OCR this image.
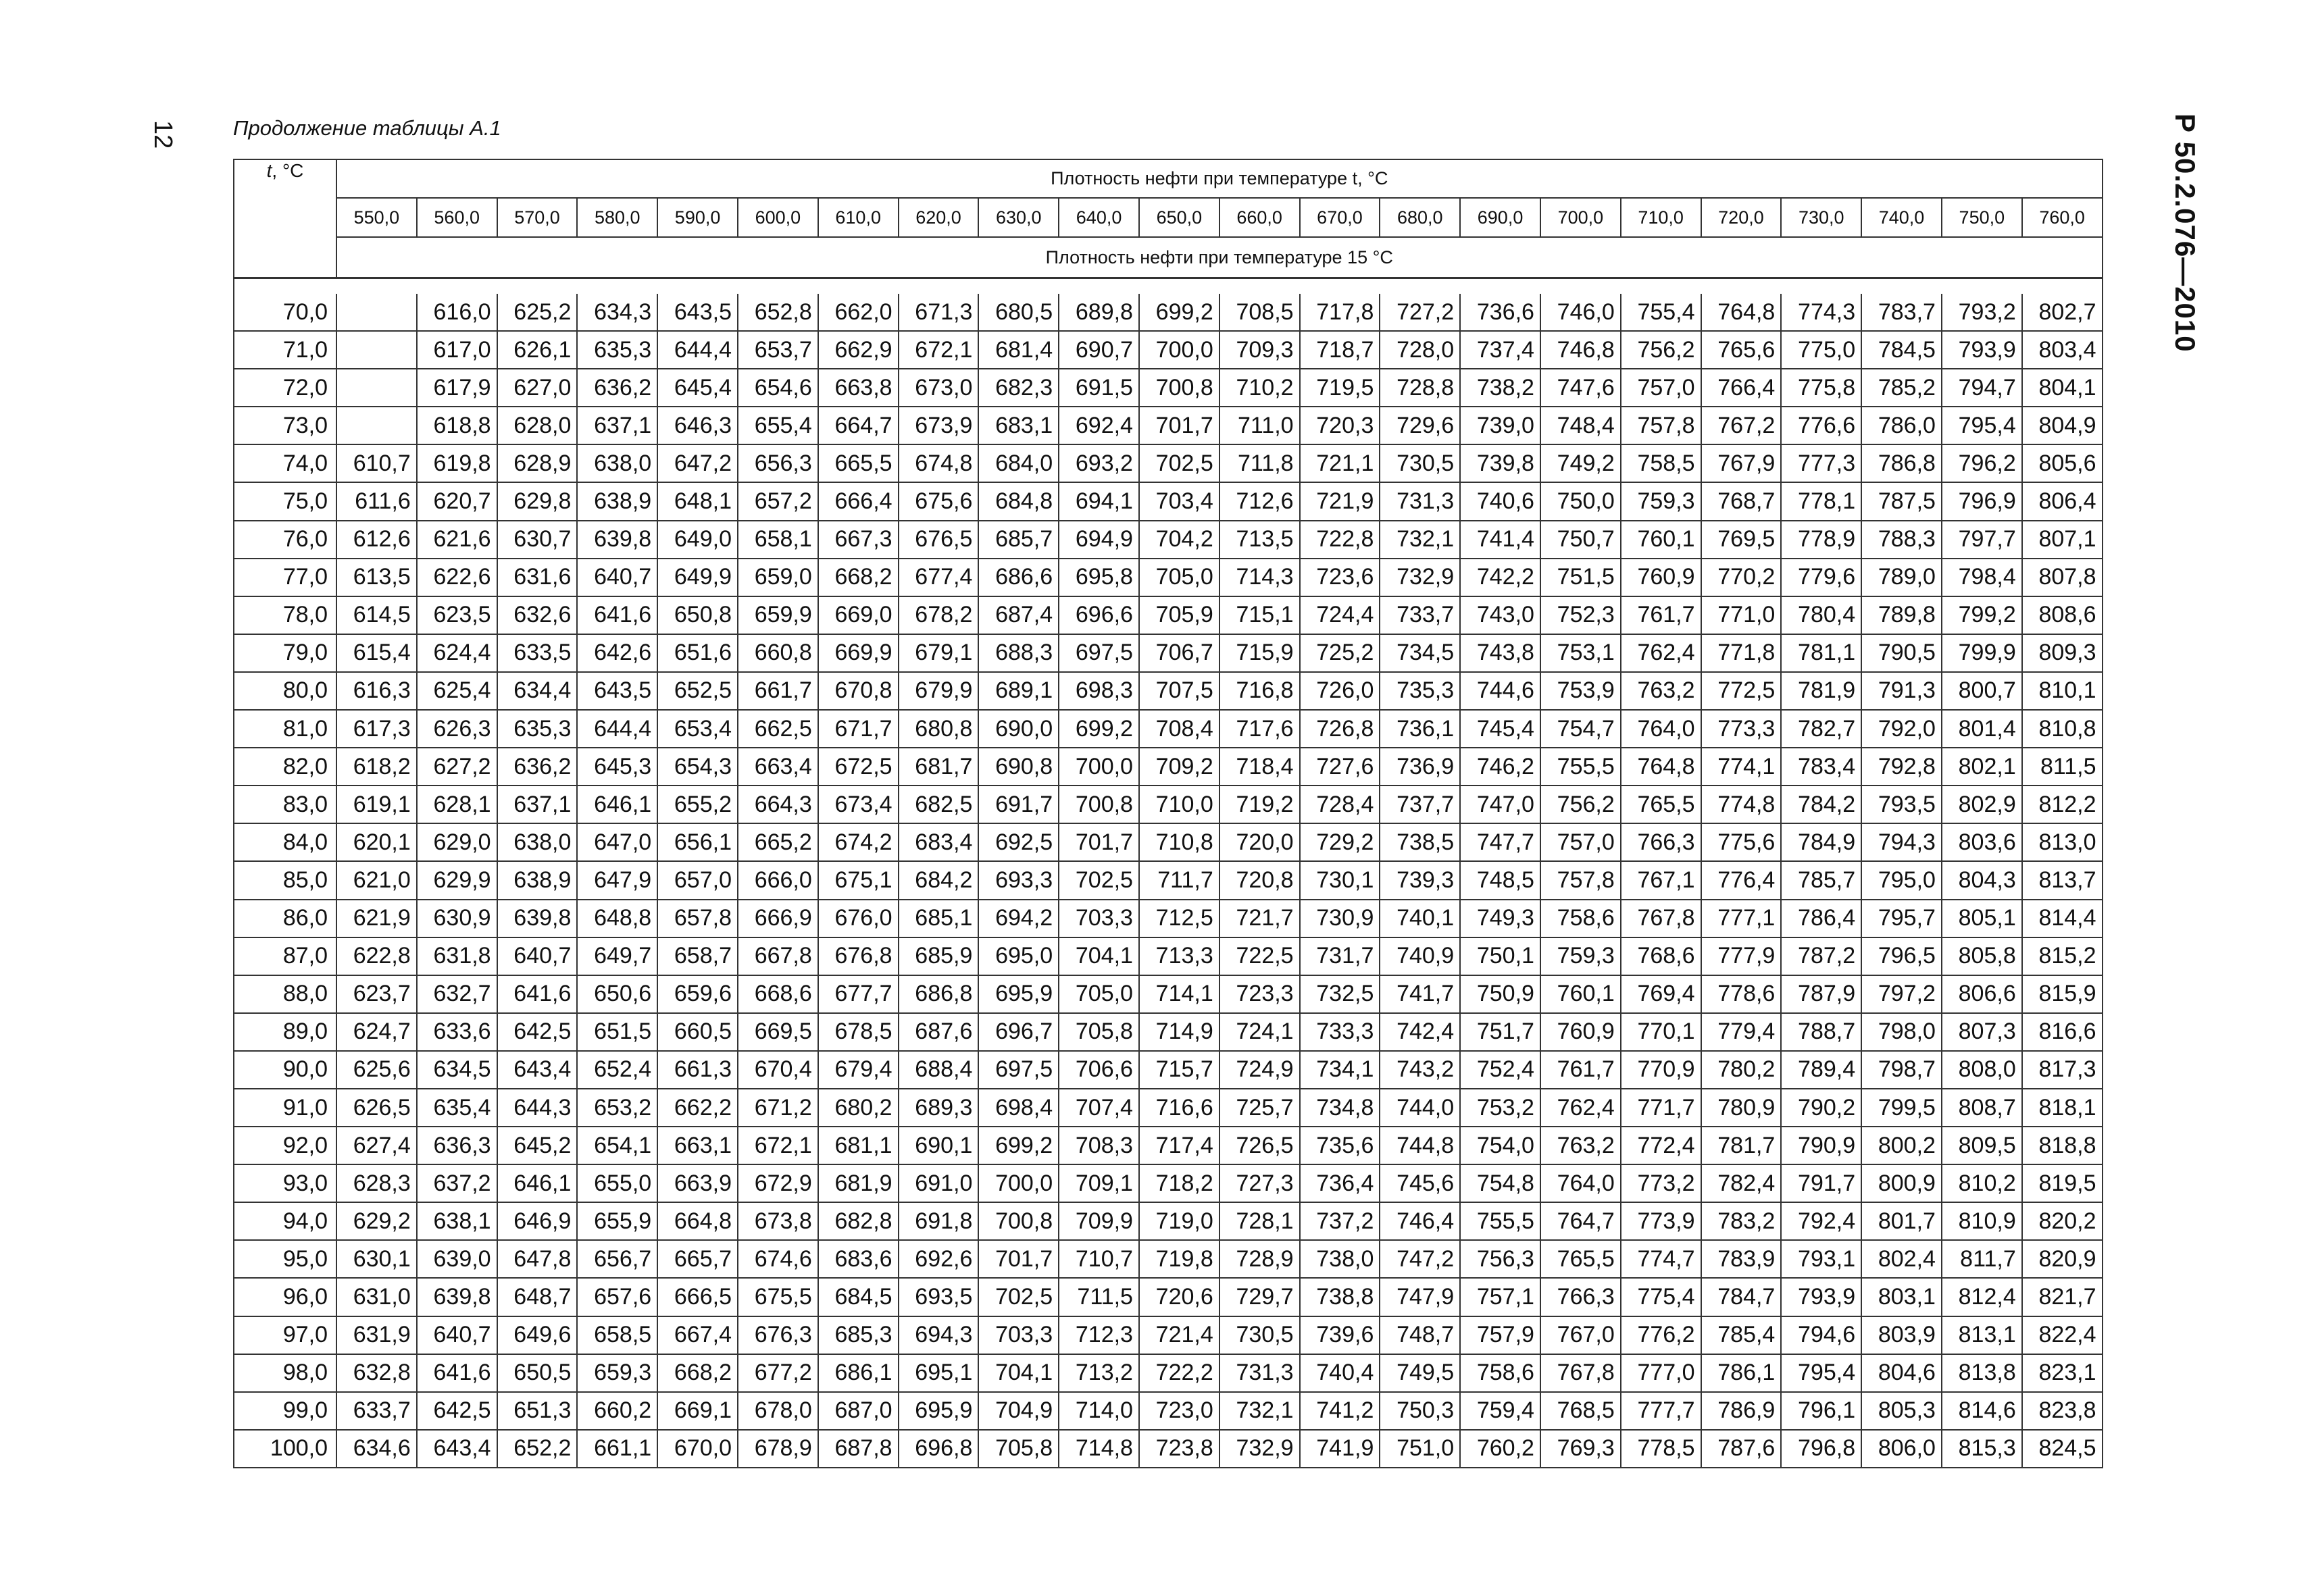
12	Продолжение таблицы А.1	Р 50.2.076—2010
t, °C	Плотность нефти при температуре t, °C																					
	550,0	560,0	570,0	580,0	590,0	600,0	610,0	620,0	630,0	640,0	650,0	660,0	670,0	680,0	690,0	700,0	710,0	720,0	730,0	740,0	750,0	760,0
	Плотность нефти при температуре 15 °C																					

70,0		616,0	625,2	634,3	643,5	652,8	662,0	671,3	680,5	689,8	699,2	708,5	717,8	727,2	736,6	746,0	755,4	764,8	774,3	783,7	793,2	802,7
71,0		617,0	626,1	635,3	644,4	653,7	662,9	672,1	681,4	690,7	700,0	709,3	718,7	728,0	737,4	746,8	756,2	765,6	775,0	784,5	793,9	803,4
72,0		617,9	627,0	636,2	645,4	654,6	663,8	673,0	682,3	691,5	700,8	710,2	719,5	728,8	738,2	747,6	757,0	766,4	775,8	785,2	794,7	804,1
73,0		618,8	628,0	637,1	646,3	655,4	664,7	673,9	683,1	692,4	701,7	711,0	720,3	729,6	739,0	748,4	757,8	767,2	776,6	786,0	795,4	804,9
74,0	610,7	619,8	628,9	638,0	647,2	656,3	665,5	674,8	684,0	693,2	702,5	711,8	721,1	730,5	739,8	749,2	758,5	767,9	777,3	786,8	796,2	805,6
75,0	611,6	620,7	629,8	638,9	648,1	657,2	666,4	675,6	684,8	694,1	703,4	712,6	721,9	731,3	740,6	750,0	759,3	768,7	778,1	787,5	796,9	806,4
76,0	612,6	621,6	630,7	639,8	649,0	658,1	667,3	676,5	685,7	694,9	704,2	713,5	722,8	732,1	741,4	750,7	760,1	769,5	778,9	788,3	797,7	807,1
77,0	613,5	622,6	631,6	640,7	649,9	659,0	668,2	677,4	686,6	695,8	705,0	714,3	723,6	732,9	742,2	751,5	760,9	770,2	779,6	789,0	798,4	807,8
78,0	614,5	623,5	632,6	641,6	650,8	659,9	669,0	678,2	687,4	696,6	705,9	715,1	724,4	733,7	743,0	752,3	761,7	771,0	780,4	789,8	799,2	808,6
79,0	615,4	624,4	633,5	642,6	651,6	660,8	669,9	679,1	688,3	697,5	706,7	715,9	725,2	734,5	743,8	753,1	762,4	771,8	781,1	790,5	799,9	809,3
80,0	616,3	625,4	634,4	643,5	652,5	661,7	670,8	679,9	689,1	698,3	707,5	716,8	726,0	735,3	744,6	753,9	763,2	772,5	781,9	791,3	800,7	810,1
81,0	617,3	626,3	635,3	644,4	653,4	662,5	671,7	680,8	690,0	699,2	708,4	717,6	726,8	736,1	745,4	754,7	764,0	773,3	782,7	792,0	801,4	810,8
82,0	618,2	627,2	636,2	645,3	654,3	663,4	672,5	681,7	690,8	700,0	709,2	718,4	727,6	736,9	746,2	755,5	764,8	774,1	783,4	792,8	802,1	811,5
83,0	619,1	628,1	637,1	646,1	655,2	664,3	673,4	682,5	691,7	700,8	710,0	719,2	728,4	737,7	747,0	756,2	765,5	774,8	784,2	793,5	802,9	812,2
84,0	620,1	629,0	638,0	647,0	656,1	665,2	674,2	683,4	692,5	701,7	710,8	720,0	729,2	738,5	747,7	757,0	766,3	775,6	784,9	794,3	803,6	813,0
85,0	621,0	629,9	638,9	647,9	657,0	666,0	675,1	684,2	693,3	702,5	711,7	720,8	730,1	739,3	748,5	757,8	767,1	776,4	785,7	795,0	804,3	813,7
86,0	621,9	630,9	639,8	648,8	657,8	666,9	676,0	685,1	694,2	703,3	712,5	721,7	730,9	740,1	749,3	758,6	767,8	777,1	786,4	795,7	805,1	814,4
87,0	622,8	631,8	640,7	649,7	658,7	667,8	676,8	685,9	695,0	704,1	713,3	722,5	731,7	740,9	750,1	759,3	768,6	777,9	787,2	796,5	805,8	815,2
88,0	623,7	632,7	641,6	650,6	659,6	668,6	677,7	686,8	695,9	705,0	714,1	723,3	732,5	741,7	750,9	760,1	769,4	778,6	787,9	797,2	806,6	815,9
89,0	624,7	633,6	642,5	651,5	660,5	669,5	678,5	687,6	696,7	705,8	714,9	724,1	733,3	742,4	751,7	760,9	770,1	779,4	788,7	798,0	807,3	816,6
90,0	625,6	634,5	643,4	652,4	661,3	670,4	679,4	688,4	697,5	706,6	715,7	724,9	734,1	743,2	752,4	761,7	770,9	780,2	789,4	798,7	808,0	817,3
91,0	626,5	635,4	644,3	653,2	662,2	671,2	680,2	689,3	698,4	707,4	716,6	725,7	734,8	744,0	753,2	762,4	771,7	780,9	790,2	799,5	808,7	818,1
92,0	627,4	636,3	645,2	654,1	663,1	672,1	681,1	690,1	699,2	708,3	717,4	726,5	735,6	744,8	754,0	763,2	772,4	781,7	790,9	800,2	809,5	818,8
93,0	628,3	637,2	646,1	655,0	663,9	672,9	681,9	691,0	700,0	709,1	718,2	727,3	736,4	745,6	754,8	764,0	773,2	782,4	791,7	800,9	810,2	819,5
94,0	629,2	638,1	646,9	655,9	664,8	673,8	682,8	691,8	700,8	709,9	719,0	728,1	737,2	746,4	755,5	764,7	773,9	783,2	792,4	801,7	810,9	820,2
95,0	630,1	639,0	647,8	656,7	665,7	674,6	683,6	692,6	701,7	710,7	719,8	728,9	738,0	747,2	756,3	765,5	774,7	783,9	793,1	802,4	811,7	820,9
96,0	631,0	639,8	648,7	657,6	666,5	675,5	684,5	693,5	702,5	711,5	720,6	729,7	738,8	747,9	757,1	766,3	775,4	784,7	793,9	803,1	812,4	821,7
97,0	631,9	640,7	649,6	658,5	667,4	676,3	685,3	694,3	703,3	712,3	721,4	730,5	739,6	748,7	757,9	767,0	776,2	785,4	794,6	803,9	813,1	822,4
98,0	632,8	641,6	650,5	659,3	668,2	677,2	686,1	695,1	704,1	713,2	722,2	731,3	740,4	749,5	758,6	767,8	777,0	786,1	795,4	804,6	813,8	823,1
99,0	633,7	642,5	651,3	660,2	669,1	678,0	687,0	695,9	704,9	714,0	723,0	732,1	741,2	750,3	759,4	768,5	777,7	786,9	796,1	805,3	814,6	823,8
100,0	634,6	643,4	652,2	661,1	670,0	678,9	687,8	696,8	705,8	714,8	723,8	732,9	741,9	751,0	760,2	769,3	778,5	787,6	796,8	806,0	815,3	824,5
